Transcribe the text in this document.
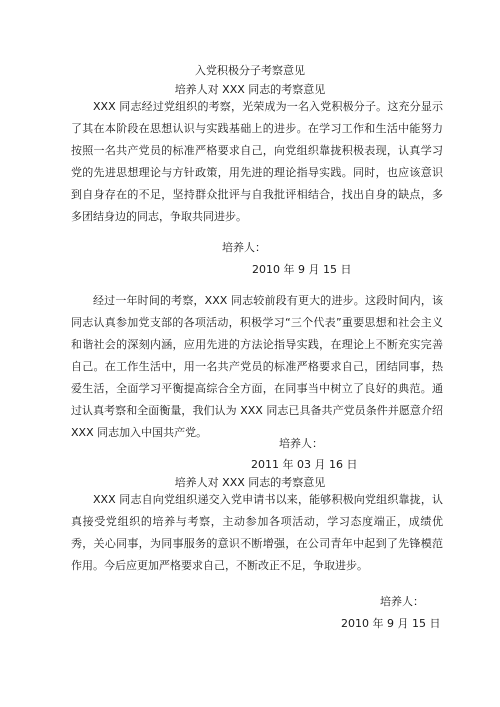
入党积极分子考察意见
培养人对 XXX 同志的考察意见

XXX 同志经过党组织的考察，光荣成为一名入党积极分子。这充分显示了其在本阶段在思想认识与实践基础上的进步。在学习工作和生活中能努力按照一名共产党员的标准严格要求自己，向党组织靠拢积极表现，认真学习党的先进思想理论与方针政策，用先进的理论指导实践。同时，也应该意识到自身存在的不足，坚持群众批评与自我批评相结合，找出自身的缺点，多多团结身边的同志，争取共同进步。

培养人：
2010 年 9 月 15 日

经过一年时间的考察，XXX 同志较前段有更大的进步。这段时间内，该同志认真参加党支部的各项活动，积极学习“三个代表”重要思想和社会主义和谐社会的深刻内涵，应用先进的方法论指导实践，在理论上不断充实完善自己。在工作生活中，用一名共产党员的标准严格要求自己，团结同事，热爱生活，全面学习平衡提高综合全方面，在同事当中树立了良好的典范。通过认真考察和全面衡量，我们认为 XXX 同志已具备共产党员条件并愿意介绍 XXX 同志加入中国共产党。

培养人：
2011 年 03 月 16 日
培养人对 XXX 同志的考察意见

XXX 同志自向党组织递交入党申请书以来，能够积极向党组织靠拢，认真接受党组织的培养与考察，主动参加各项活动，学习态度端正，成绩优秀，关心同事，为同事服务的意识不断增强，在公司青年中起到了先锋模范作用。今后应更加严格要求自己，不断改正不足，争取进步。

培养人：
2010 年 9 月 15 日
